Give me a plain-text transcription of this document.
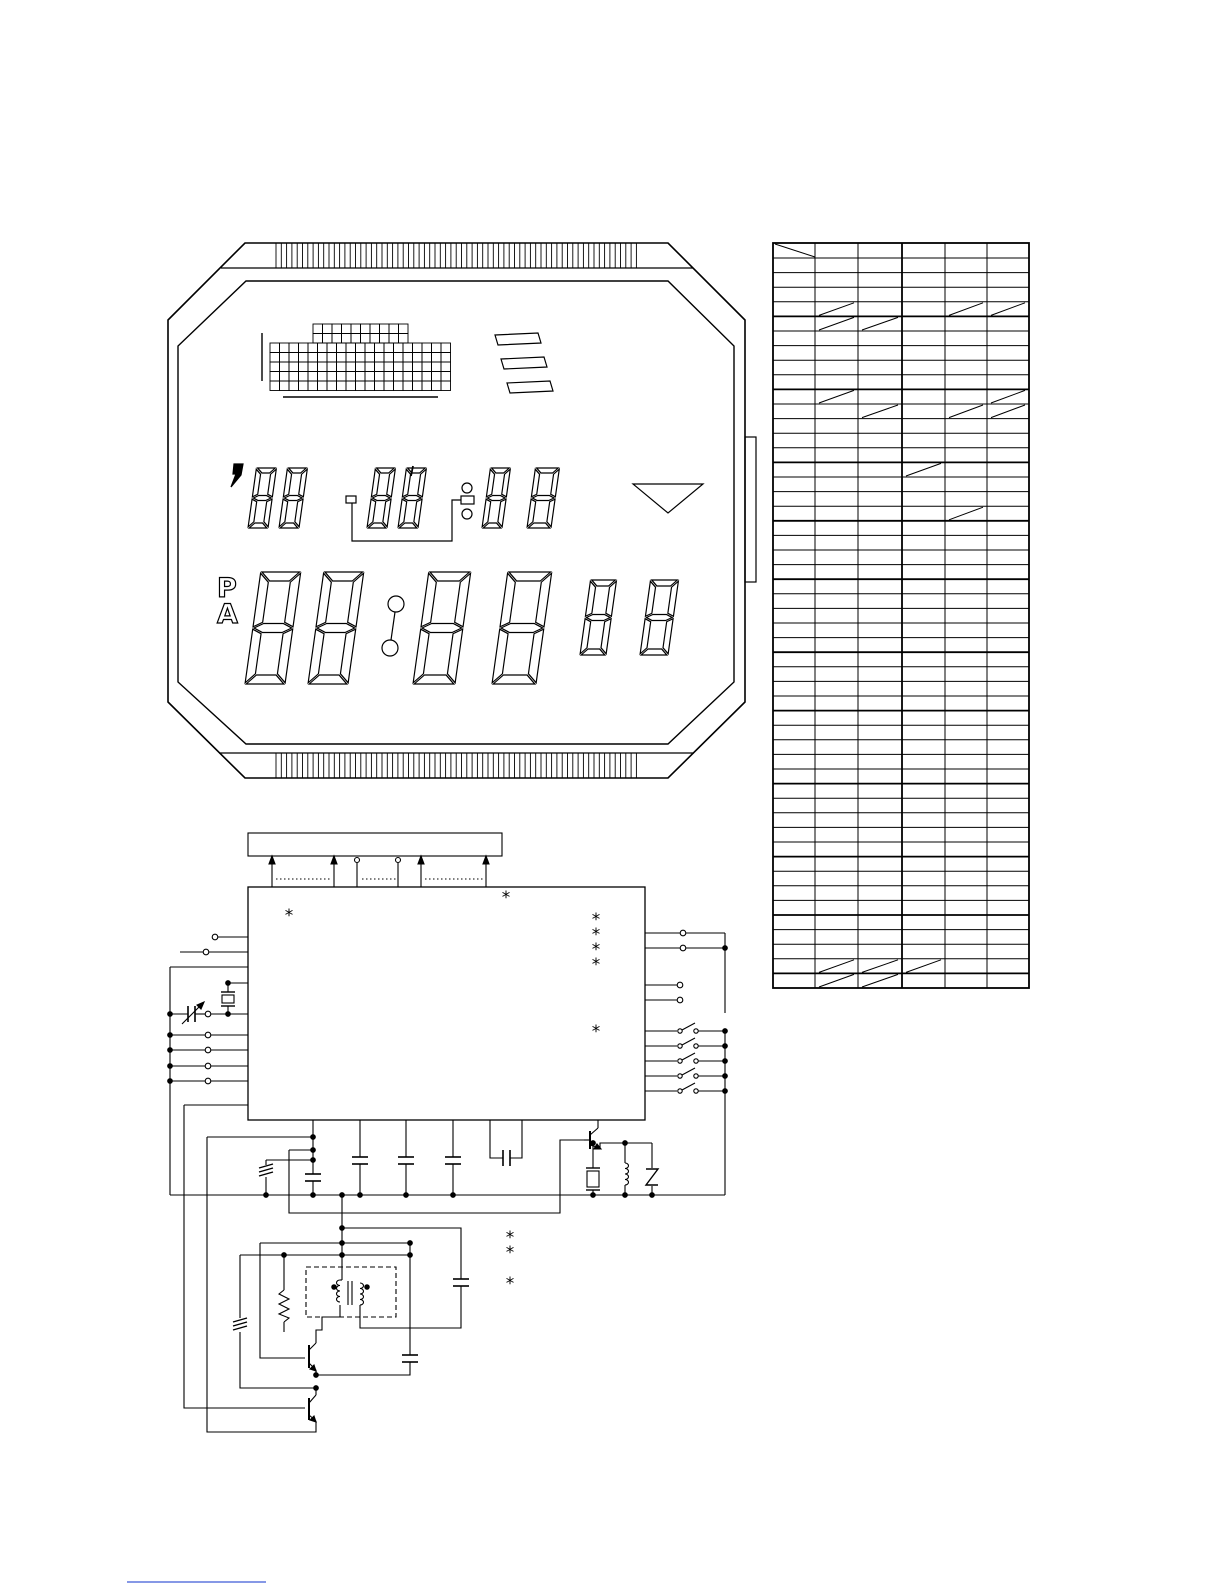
P
A
*
*	*
*
*
*
*
*
*
*
